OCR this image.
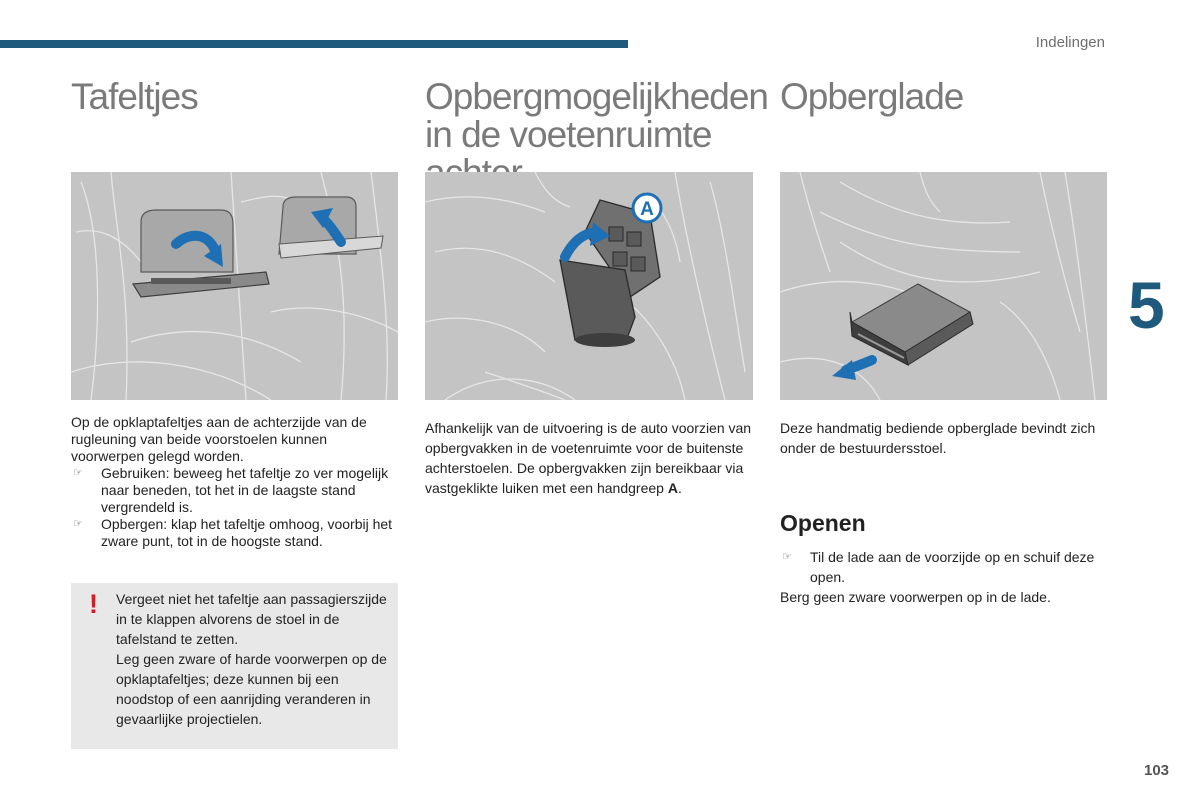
Indelingen
5
103
Tafeltjes

Op de opklaptafeltjes aan de achterzijde van de rugleuning van beide voorstoelen kunnen voorwerpen gelegd worden.

☞	Gebruiken: beweeg het tafeltje zo ver mogelijk naar beneden, tot het in de laagste stand vergrendeld is.
☞	Opbergen: klap het tafeltje omhoog, voorbij het zware punt, tot in de hoogste stand.
! Vergeet niet het tafeltje aan passagierszijde in te klappen alvorens de stoel in de tafelstand te zetten.

Leg geen zware of harde voorwerpen op de opklaptafeltjes; deze kunnen bij een noodstop of een aanrijding veranderen in gevaarlijke projectielen.

Opbergmogelijkheden in de voetenruimte
A

Afhankelijk van de uitvoering is de auto voorzien van opbergvakken in de voetenruimte voor de buitenste achterstoelen. De opbergvakken zijn bereikbaar via vastgeklikte luiken met een handgreep A.

Opberglade

Deze handmatig bediende opberglade bevindt zich onder de bestuurdersstoel.

Openen
☞	Til de lade aan de voorzijde op en schuif deze open.

Berg geen zware voorwerpen op in de lade.
